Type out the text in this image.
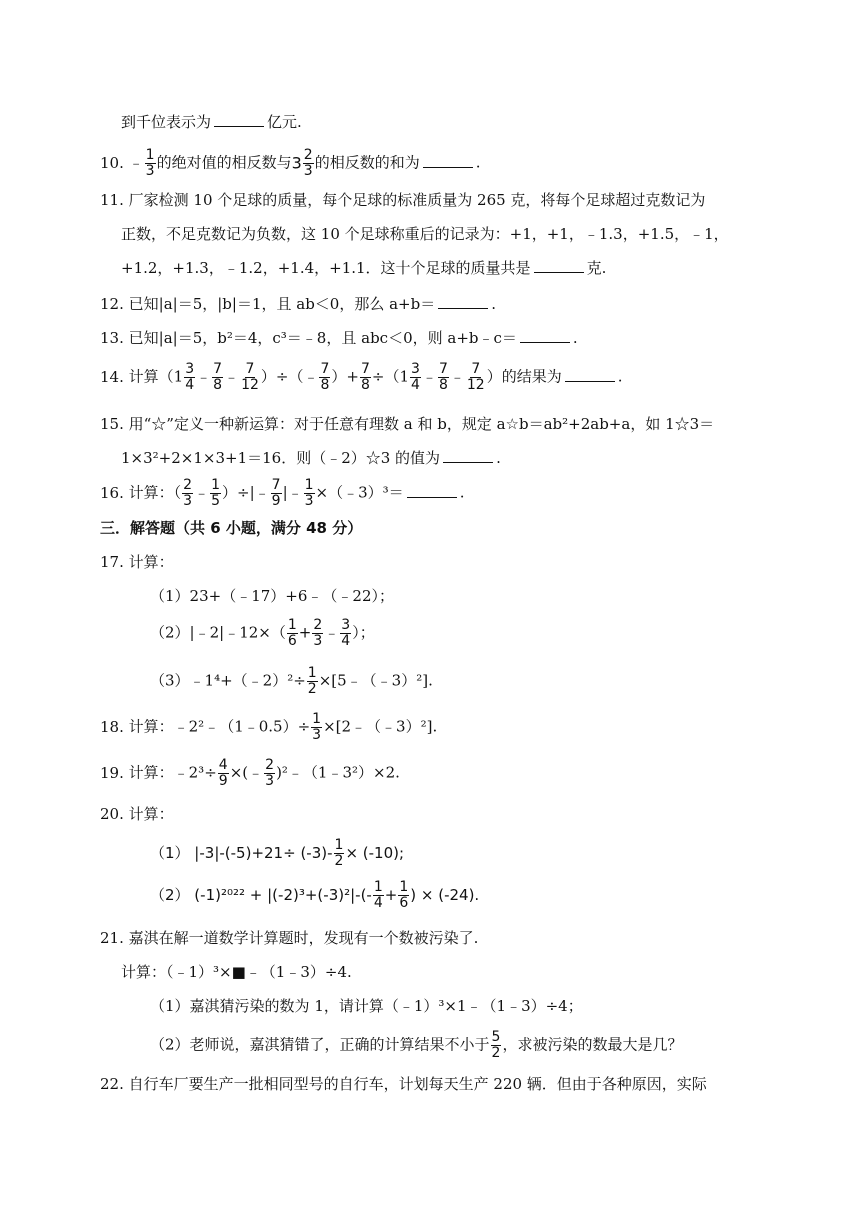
到千位表示为	亿元.
10. ﹣ $\frac{1}{3}$ 的绝对值的相反数与$3 \frac{2}{3}$ 的相反数的和为	.
11. 厂家检测 10 个足球的质量，每个足球的标准质量为 265 克，将每个足球超过克数记为
正数，不足克数记为负数，这 10 个足球称重后的记录为：+1，+1，﹣1.3，+1.5，﹣1，
+1.2，+1.3，﹣1.2，+1.4，+1.1．这十个足球的质量共是	克.
12. 已知|a|＝5，|b|＝1，且 ab＜0，那么 a+b＝	.
13. 已知|a|＝5，b²＝4，c³＝﹣8，且 abc＜0，则 a+b﹣c＝	.
14. 计算（$1 \frac{3}{4}$ ﹣ $\frac{7}{8}$ ﹣ $\frac{7}{12}$ ）÷（﹣ $\frac{7}{8}$ ）+ $\frac{7}{8} \div(1 \frac{3}{4}$ ﹣ $\frac{7}{8}$ ﹣ $\frac{7}{12}$ ）的结果为	.
15. 用“☆”定义一种新运算：对于任意有理数 a 和 b，规定 a☆b＝ab²+2ab+a，如 1☆3＝
1×3²+2×1×3+1＝16．则（﹣2）☆3 的值为	.
16. 计算：（ $\frac{2}{3}$ ﹣ $\frac{1}{5}$ ）÷|﹣ $\frac{7}{9}$ |﹣ $\frac{1}{3}$ ×（﹣3）³＝	.
三．解答题（共 6 小题，满分 48 分）
17. 计算：
（1）23+（﹣17）+6﹣（﹣22）；
（2）|﹣2|﹣12×（ $\frac{1}{6} + \frac{2}{3}$ ﹣ $\frac{3}{4}$ ）；
（3）﹣1⁴+（﹣2）²÷ $\frac{1}{2}$ ×[5﹣（﹣3）²].
18. 计算：﹣2²﹣（1﹣0.5）÷ $\frac{1}{3}$ ×[2﹣（﹣3）²].
19. 计算：﹣2³÷ $\frac{4}{9}$ ×(﹣ $\frac{2}{3}$ )²﹣（1﹣3²）×2.
20. 计算：
（1） $|-3|-(-5)+21\div (-3)- \frac{1}{2} \times (-10)$;
（2） $(-1)^{2022} + |(-2)^3+(-3)^2|-(- \frac{1}{4} + \frac{1}{6}$ ) × (-24).
21. 嘉淇在解一道数学计算题时，发现有一个数被污染了.
计算：（﹣1）³×■﹣（1﹣3）÷4.
（1）嘉淇猜污染的数为 1，请计算（﹣1）³×1﹣（1﹣3）÷4；
（2）老师说，嘉淇猜错了，正确的计算结果不小于 $\frac{5}{2}$ ，求被污染的数最大是几？
22. 自行车厂要生产一批相同型号的自行车，计划每天生产 220 辆．但由于各种原因，实际
